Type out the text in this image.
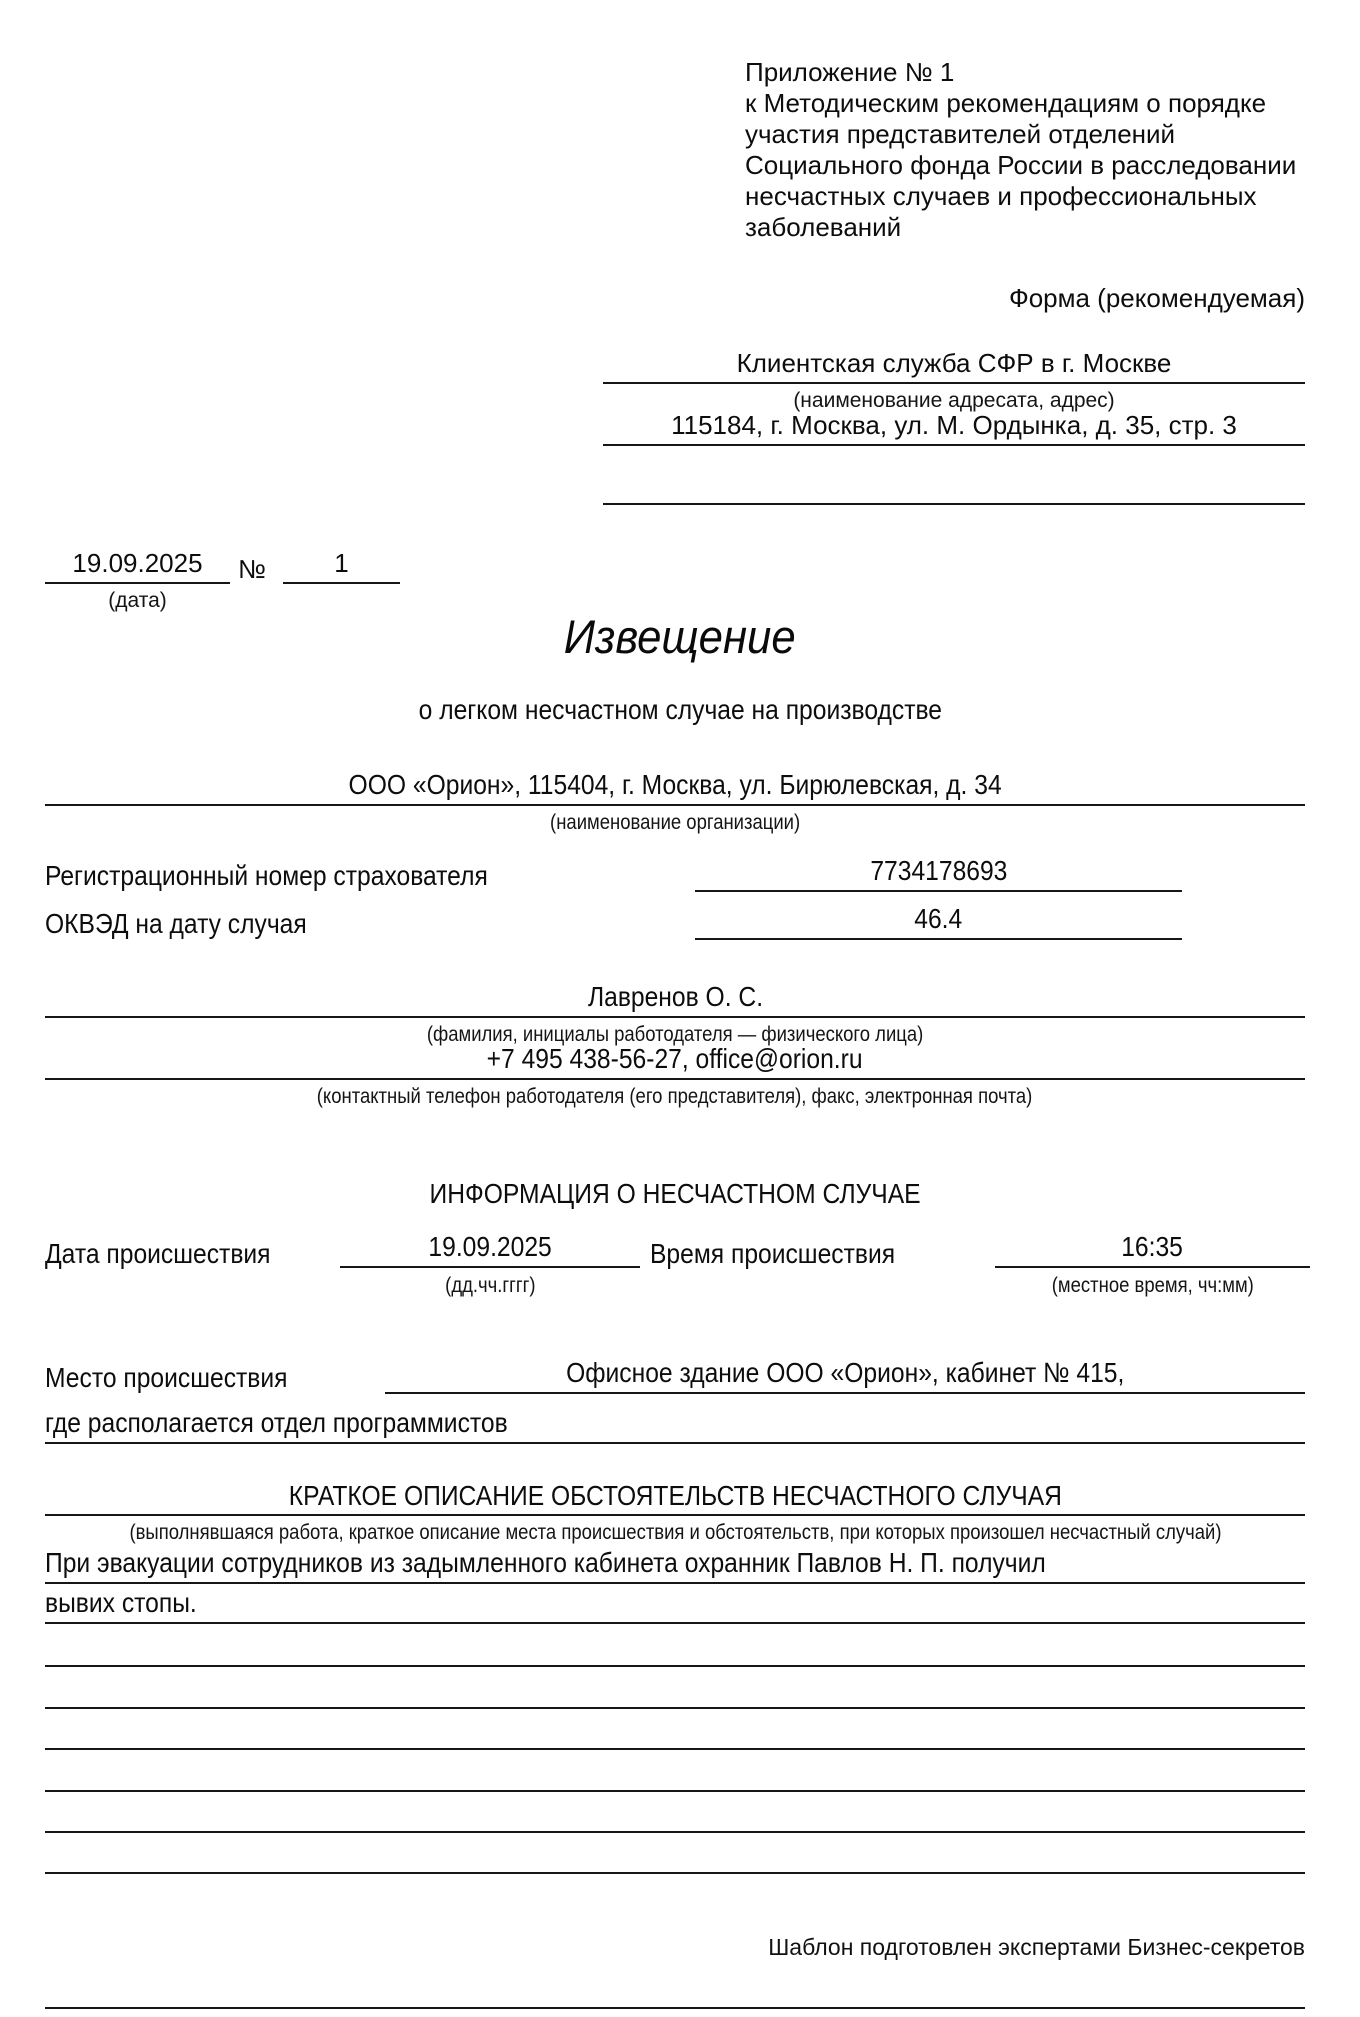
Приложение № 1
к Методическим рекомендациям о порядке
участия представителей отделений
Социального фонда России в расследовании
несчастных случаев и профессиональных
заболеваний
Форма (рекомендуемая)
Клиентская служба СФР в г. Москве
(наименование адресата, адрес)
115184, г. Москва, ул. М. Ордынка, д. 35, стр. 3
19.09.2025
(дата)
№	1
Извещение
о легком несчастном случае на производстве
ООО «Орион», 115404, г. Москва, ул. Бирюлевская, д. 34
(наименование организации)
Регистрационный номер страхователя	7734178693
ОКВЭД на дату случая	46.4
Лавренов О. С.
(фамилия, инициалы работодателя — физического лица)
+7 495 438-56-27, office@orion.ru
(контактный телефон работодателя (его представителя), факс, электронная почта)
ИНФОРМАЦИЯ О НЕСЧАСТНОМ СЛУЧАЕ
Дата происшествия	19.09.2025
(дд.чч.гггг)
Время происшествия	16:35
(местное время, чч:мм)
Место происшествия	Офисное здание ООО «Орион», кабинет № 415,
где располагается отдел программистов
КРАТКОЕ ОПИСАНИЕ ОБСТОЯТЕЛЬСТВ НЕСЧАСТНОГО СЛУЧАЯ
(выполнявшаяся работа, краткое описание места происшествия и обстоятельств, при которых произошел несчастный случай)
При эвакуации сотрудников из задымленного кабинета охранник Павлов Н. П. получил
вывих стопы.
Шаблон подготовлен экспертами Бизнес-секретов
